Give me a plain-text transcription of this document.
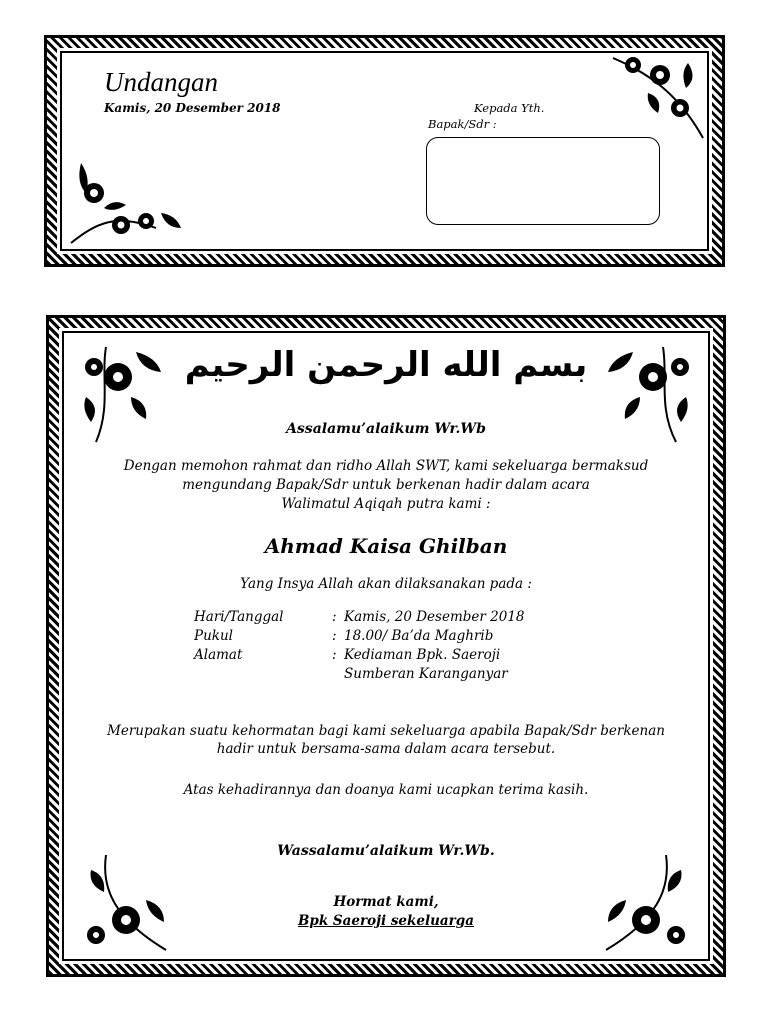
Undangan
Kamis, 20 Desember 2018	Kepada Yth.
Bapak/Sdr :
بسم الله الرحمن الرحيم
Assalamu’alaikum Wr.Wb
Dengan memohon rahmat dan ridho Allah SWT, kami sekeluarga bermaksud
mengundang Bapak/Sdr untuk berkenan hadir dalam acara
Walimatul Aqiqah putra kami :
Ahmad Kaisa Ghilban
Yang Insya Allah akan dilaksanakan pada :
Hari/Tanggal	: Kamis, 20 Desember 2018
Pukul	: 18.00/ Ba’da Maghrib
Alamat	: Kediaman Bpk. Saeroji
Sumberan Karanganyar
Merupakan suatu kehormatan bagi kami sekeluarga apabila Bapak/Sdr berkenan
hadir untuk bersama-sama dalam acara tersebut.
Atas kehadirannya dan doanya kami ucapkan terima kasih.
Wassalamu’alaikum Wr.Wb.
Hormat kami,
Bpk Saeroji sekeluarga
